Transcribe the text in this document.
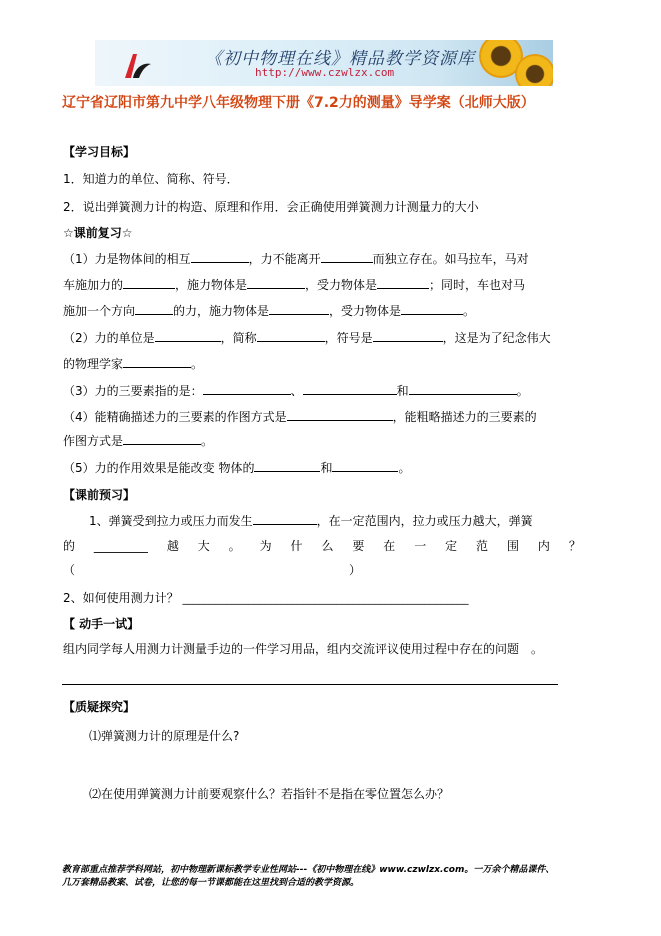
《初中物理在线》精品教学资源库
http://www.czwlzx.com
辽宁省辽阳市第九中学八年级物理下册《7.2力的测量》导学案（北师大版）
【学习目标】
1．知道力的单位、简称、符号．
2．说出弹簧测力计的构造、原理和作用．会正确使用弹簧测力计测量力的大小
☆课前复习☆
（1）力是物体间的相互	，力不能离开	而独立存在。如马拉车，马对
车施加力的	，施力物体是	，受力物体是	；同时，车也对马
施加一个方向	的力，施力物体是	，受力物体是	。
（2）力的单位是	，简称	，符号是	，这是为了纪念伟大
的物理学家	。
（3）力的三要素指的是：	、	和	。
（4）能精确描述力的三要素的作图方式是	，能粗略描述力的三要素的
作图方式是	。
（5）力的作用效果是能改变 物体的	和	。
【课前预习】
1、弹簧受到拉力或压力而发生	，在一定范围内，拉力或压力越大，弹簧
的 _________ 越 大 。 为 什 么 要 在 一 定 范 围 内 ？
（	）
2、如何使用测力计？ ____________________________________________________
【 动手一试】
组内同学每人用测力计测量手边的一件学习用品，组内交流评议使用过程中存在的问题　。
【质疑探究】
⑴弹簧测力计的原理是什么?
⑵在使用弹簧测力计前要观察什么？若指针不是指在零位置怎么办？
教育部重点推荐学科网站，初中物理新课标教学专业性网站---《初中物理在线》www.czwlzx.com。一万余个精品课件、
几万套精品教案、试卷，让您的每一节课都能在这里找到合适的教学资源。
